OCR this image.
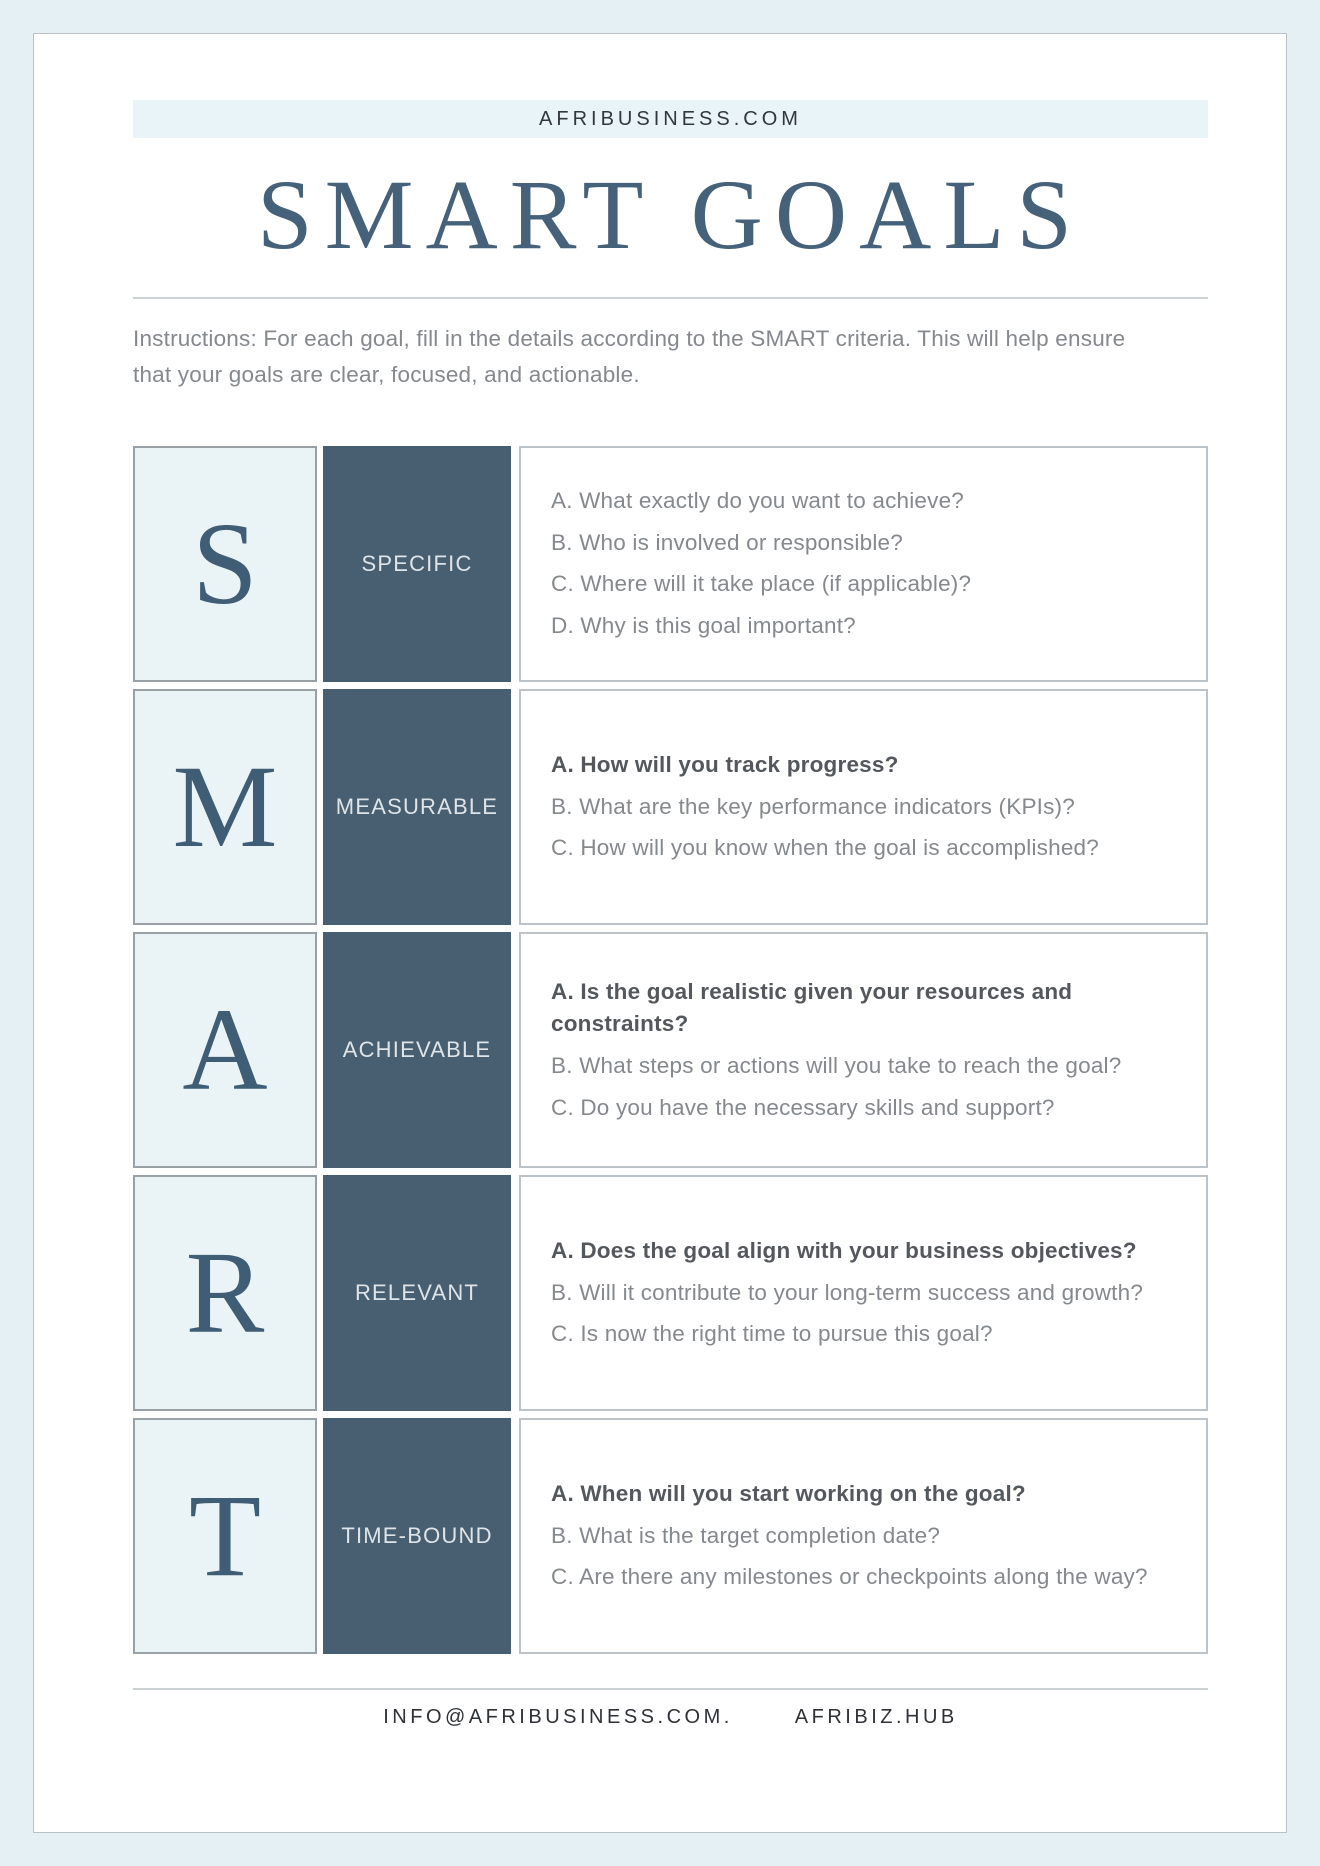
AFRIBUSINESS.COM
SMART GOALS

Instructions: For each goal, fill in the details according to the SMART criteria. This will help ensure that your goals are clear, focused, and actionable.

S	SPECIFIC
A. What exactly do you want to achieve?
B. Who is involved or responsible?
C. Where will it take place (if applicable)?
D. Why is this goal important?
M	MEASURABLE
A. How will you track progress?
B. What are the key performance indicators (KPIs)?
C. How will you know when the goal is accomplished?
A	ACHIEVABLE
A. Is the goal realistic given your resources and constraints?
B. What steps or actions will you take to reach the goal?
C. Do you have the necessary skills and support?
R	RELEVANT
A. Does the goal align with your business objectives?
B. Will it contribute to your long-term success and growth?
C. Is now the right time to pursue this goal?
T	TIME-BOUND
A. When will you start working on the goal?
B. What is the target completion date?
C. Are there any milestones or checkpoints along the way?
INFO@AFRIBUSINESS.COM.	AFRIBIZ.HUB
